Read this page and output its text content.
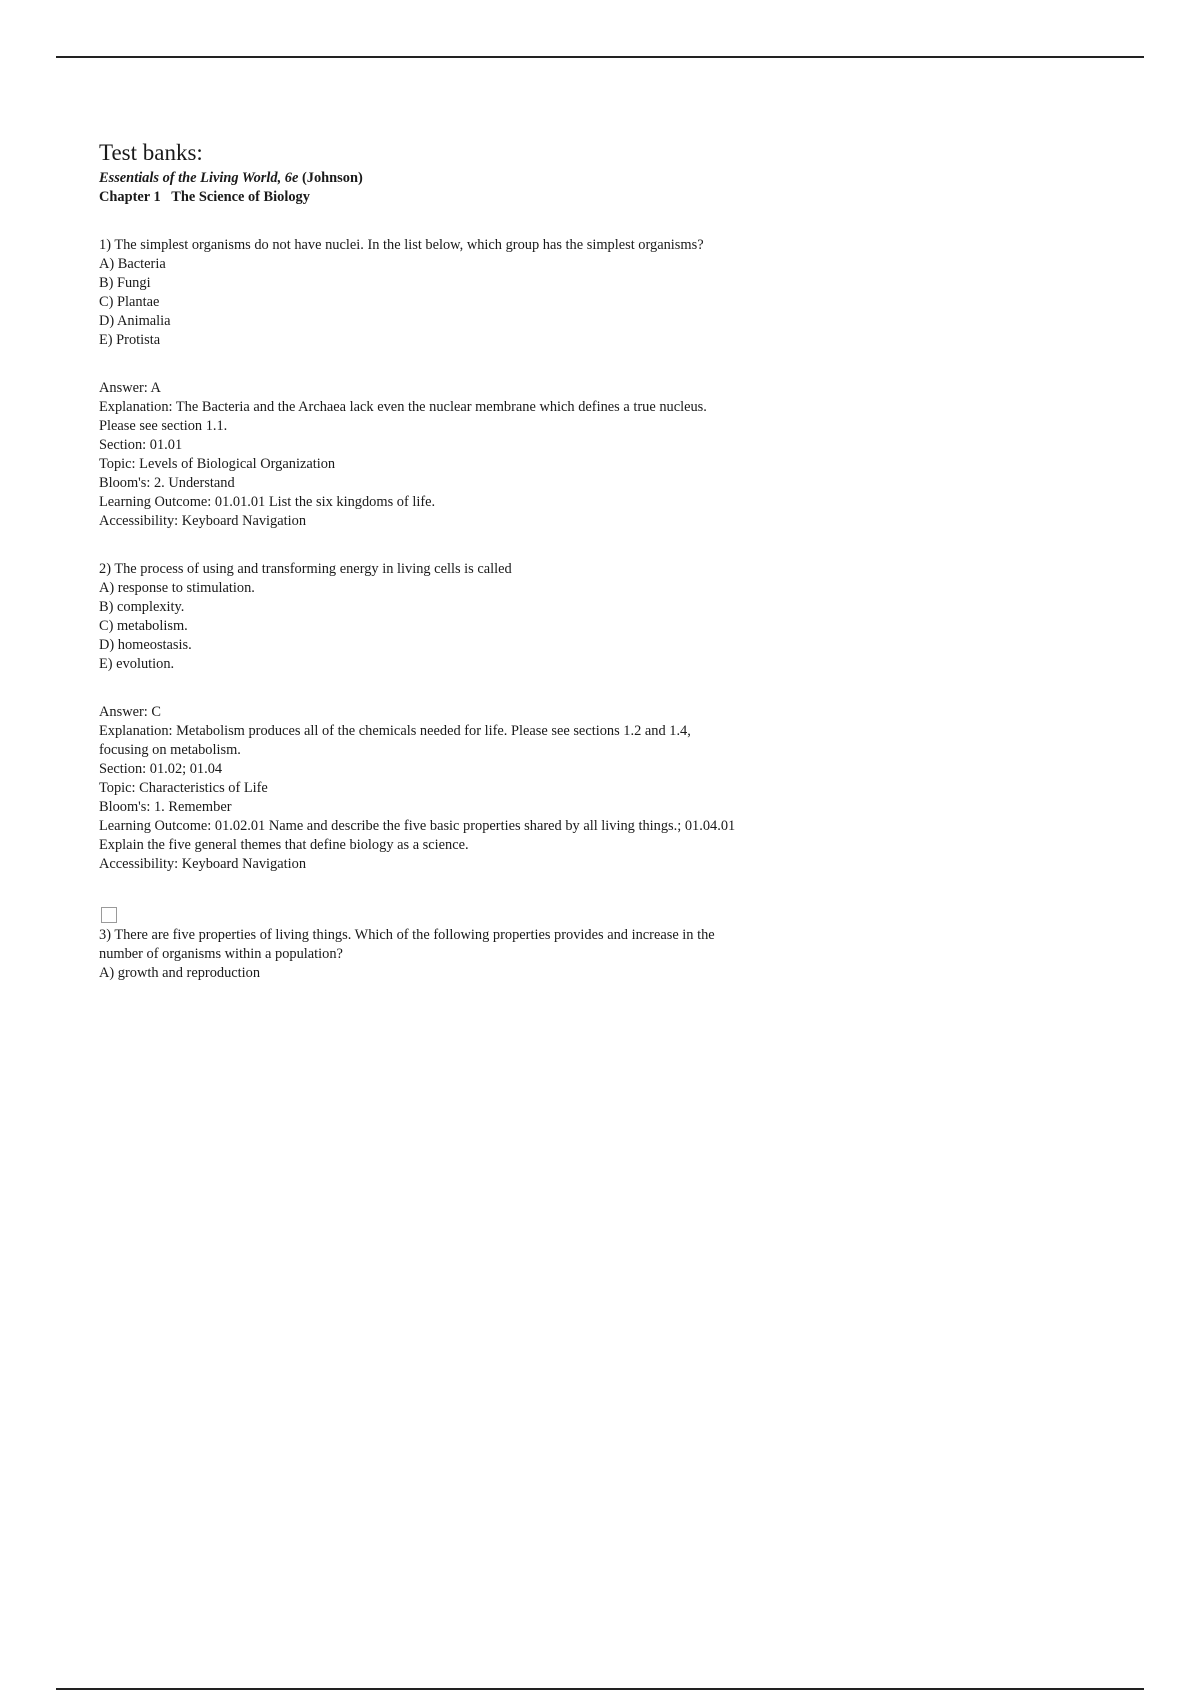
Test banks:

Essentials of the Living World, 6e (Johnson)

Chapter 1   The Science of Biology

1) The simplest organisms do not have nuclei. In the list below, which group has the simplest organisms?

A) Bacteria

B) Fungi

C) Plantae

D) Animalia

E) Protista

Answer: A

Explanation: The Bacteria and the Archaea lack even the nuclear membrane which defines a true nucleus. Please see section 1.1.

Section: 01.01

Topic: Levels of Biological Organization

Bloom's: 2. Understand

Learning Outcome: 01.01.01 List the six kingdoms of life.

Accessibility: Keyboard Navigation

2) The process of using and transforming energy in living cells is called

A) response to stimulation.

B) complexity.

C) metabolism.

D) homeostasis.

E) evolution.

Answer: C

Explanation: Metabolism produces all of the chemicals needed for life. Please see sections 1.2 and 1.4, focusing on metabolism.

Section: 01.02; 01.04

Topic: Characteristics of Life

Bloom's: 1. Remember

Learning Outcome: 01.02.01 Name and describe the five basic properties shared by all living things.; 01.04.01 Explain the five general themes that define biology as a science.

Accessibility: Keyboard Navigation

3) There are five properties of living things. Which of the following properties provides and increase in the number of organisms within a population?

A) growth and reproduction
